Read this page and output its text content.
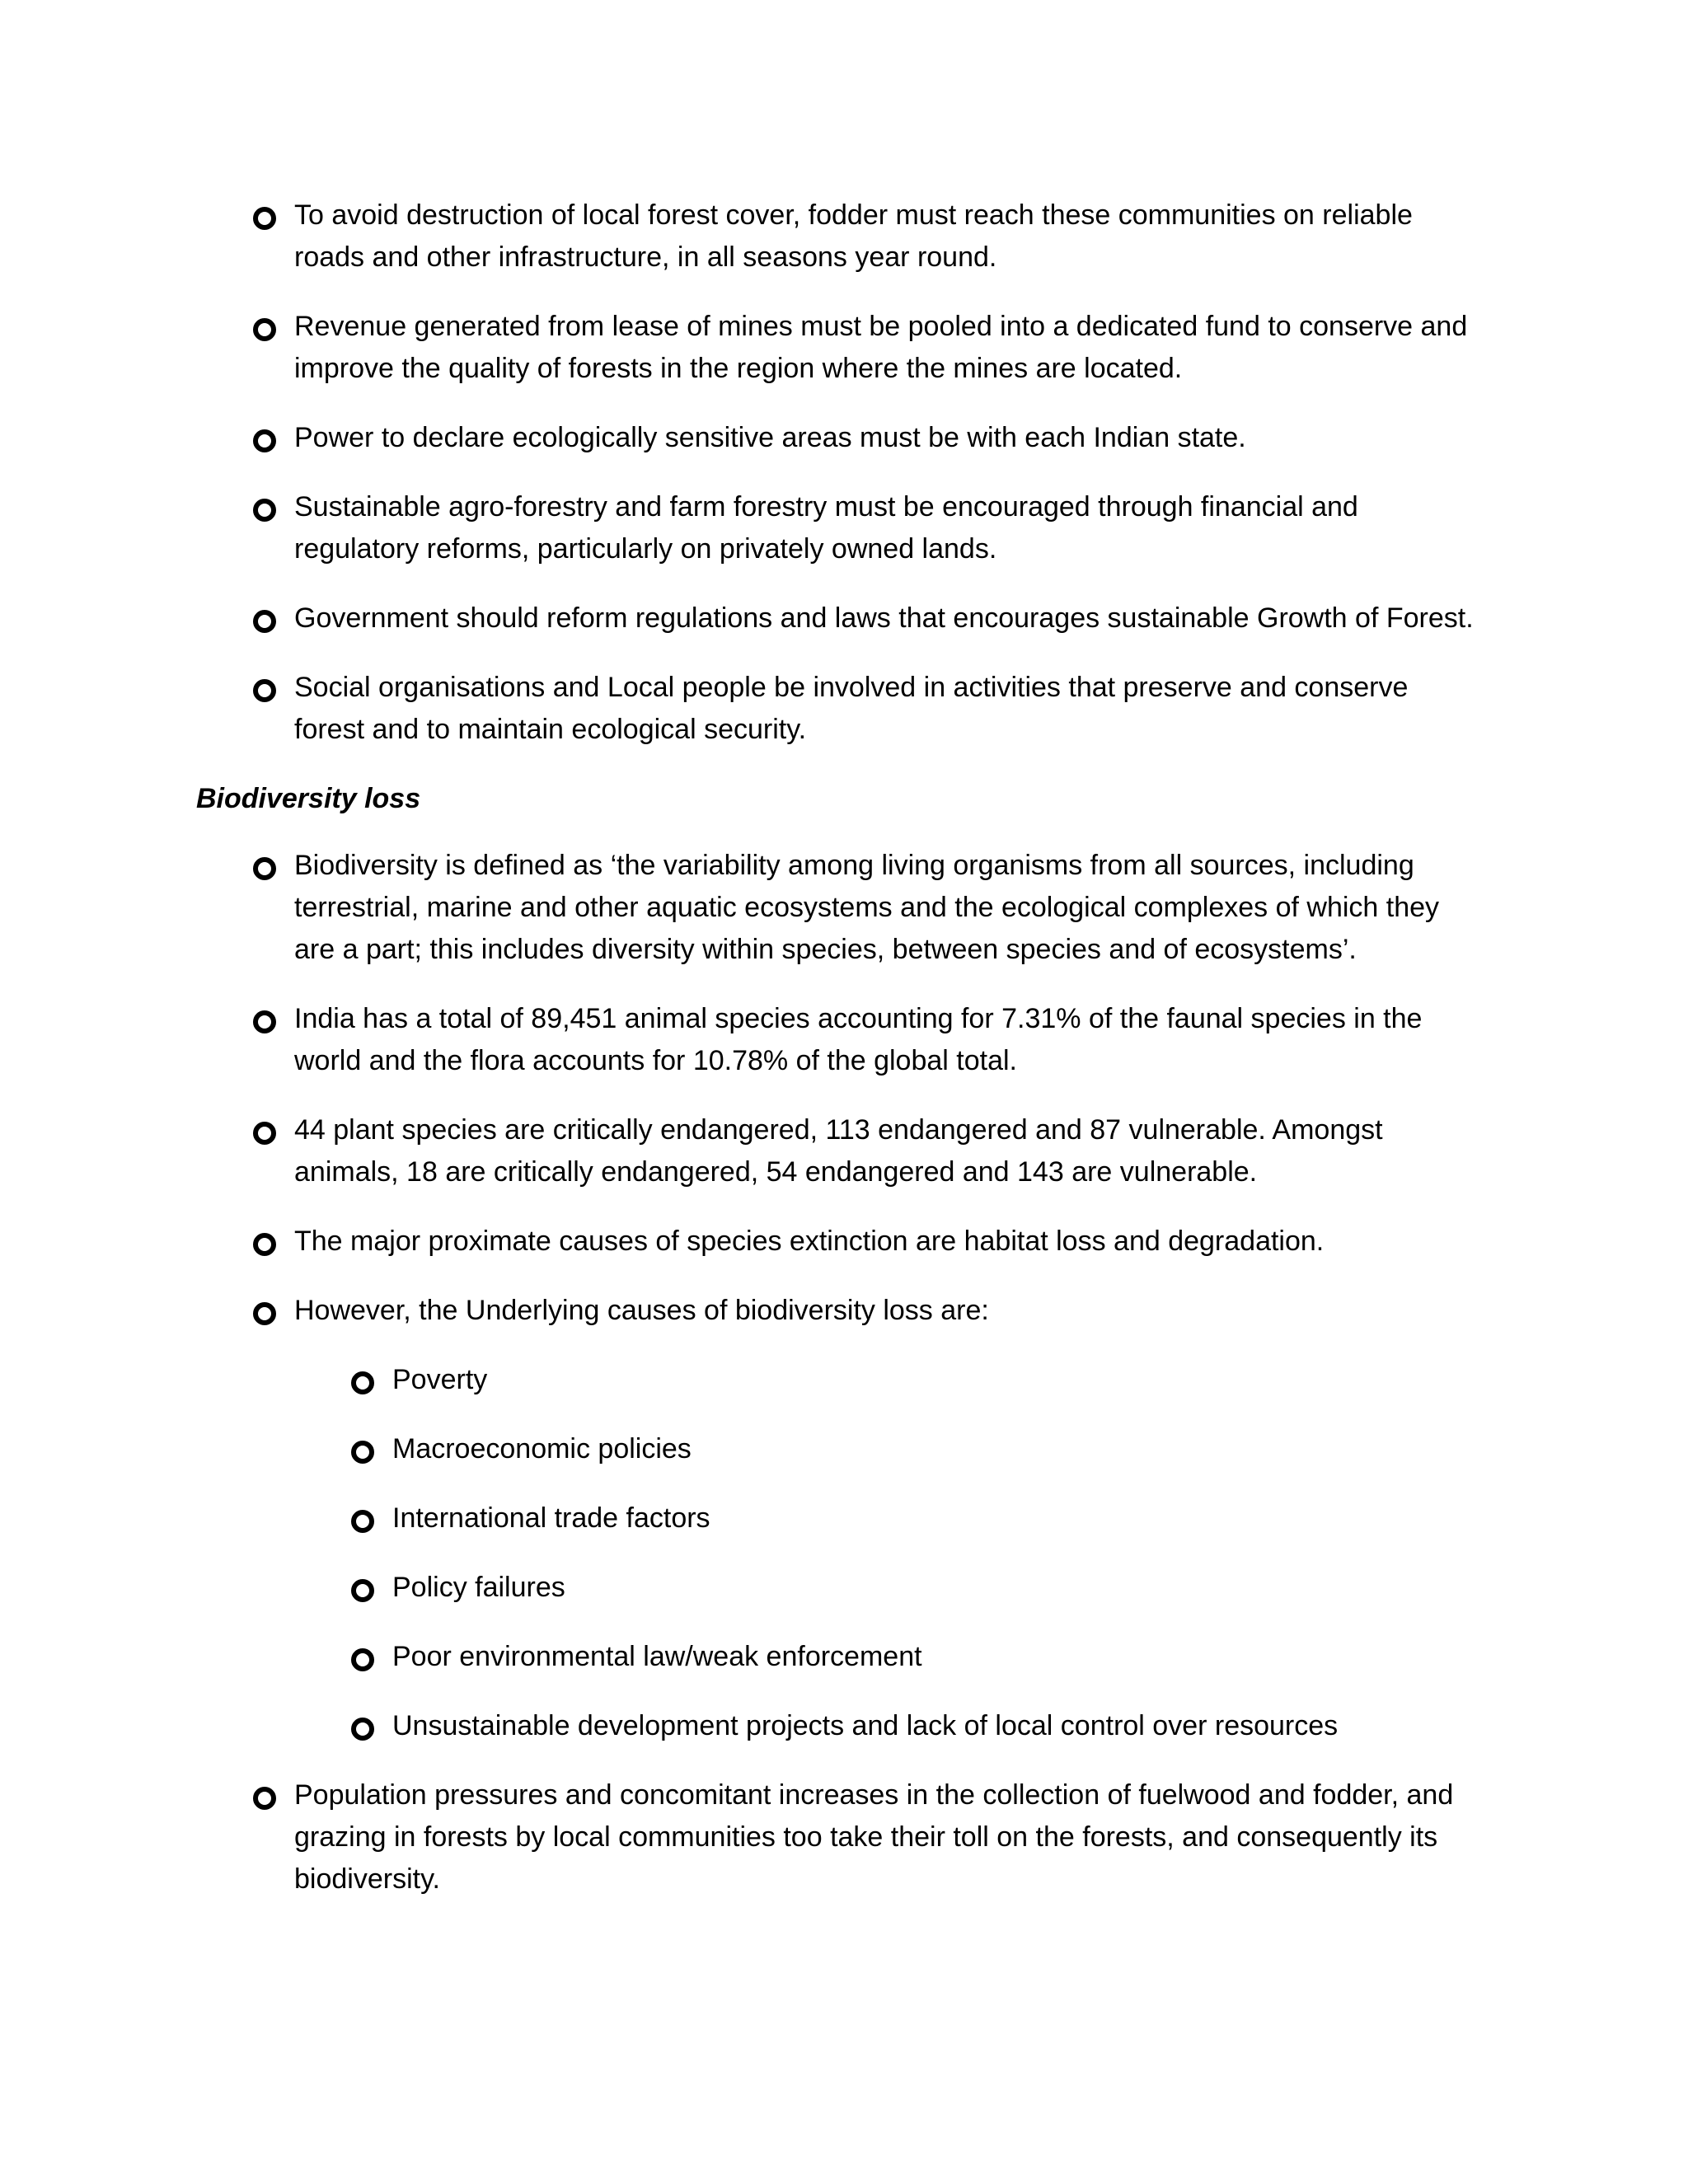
To avoid destruction of local forest cover, fodder must reach these communities on reliable roads and other infrastructure, in all seasons year round.
Revenue generated from lease of mines must be pooled into a dedicated fund to conserve and improve the quality of forests in the region where the mines are located.
Power to declare ecologically sensitive areas must be with each Indian state.
Sustainable agro-forestry and farm forestry must be encouraged through financial and regulatory reforms, particularly on privately owned lands.
Government should reform regulations and laws that encourages sustainable Growth of Forest.
Social organisations and Local people be involved in activities that preserve and conserve forest and to maintain ecological security.
Biodiversity loss
Biodiversity is defined as ‘the variability among living organisms from all sources, including terrestrial, marine and other aquatic ecosystems and the ecological complexes of which they are a part; this includes diversity within species, between species and of ecosystems’.
India has a total of 89,451 animal species accounting for 7.31% of the faunal species in the world and the flora accounts for 10.78% of the global total.
44 plant species are critically endangered, 113 endangered and 87 vulnerable. Amongst animals, 18 are critically endangered, 54 endangered and 143 are vulnerable.
The major proximate causes of species extinction are habitat loss and degradation.
However, the Underlying causes of biodiversity loss are:
Poverty
Macroeconomic policies
International trade factors
Policy failures
Poor environmental law/weak enforcement
Unsustainable development projects and lack of local control over resources
Population pressures and concomitant increases in the collection of fuelwood and fodder, and grazing in forests by local communities too take their toll on the forests, and consequently its biodiversity.
